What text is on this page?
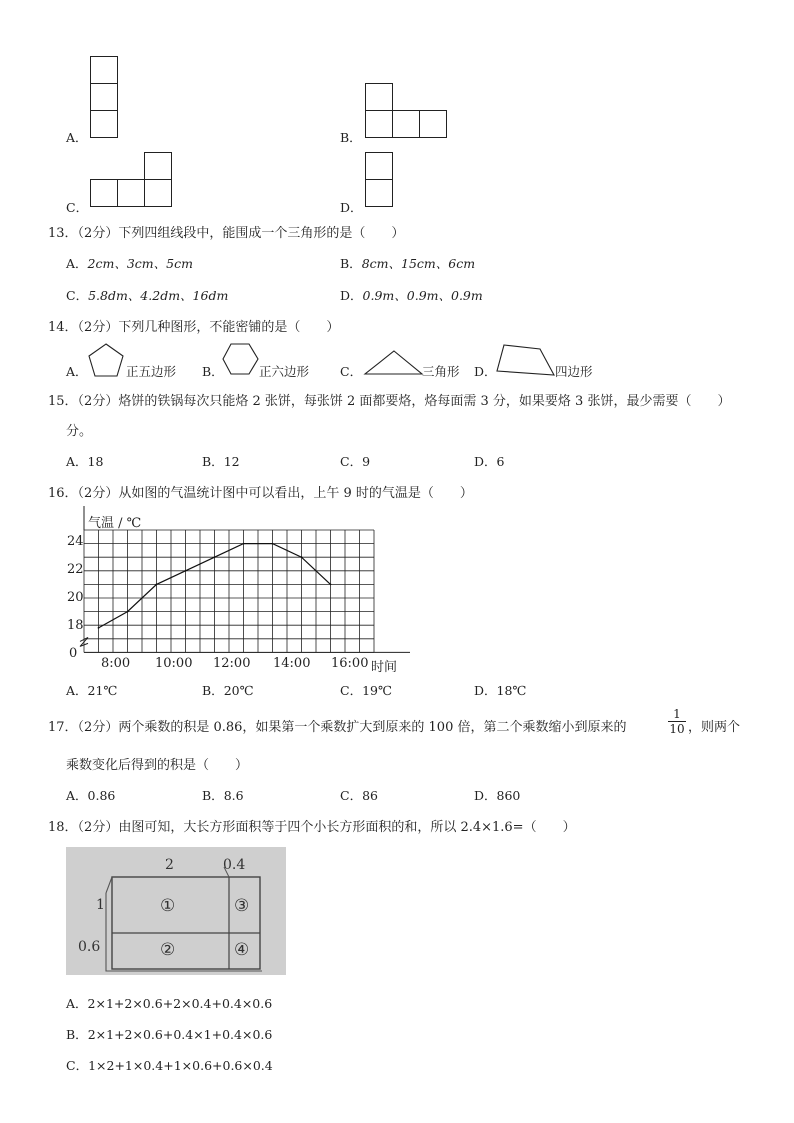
A．	B．
C．	D．
13．（2分）下列四组线段中，能围成一个三角形的是（　　）
A．2cm、3cm、5cm	B．8cm、15cm、6cm
C．5.8dm、4.2dm、16dm	D．0.9m、0.9m、0.9m
14．（2分）下列几种图形，不能密铺的是（　　）
A．	正五边形 B．	正六边形 C．	三角形 D．	四边形
15．（2分）烙饼的铁锅每次只能烙 2 张饼，每张饼 2 面都要烙，烙每面需 3 分，如果要烙 3 张饼，最少需要（　　）
分。
A．18	B．12	C．9	D．6
16．（2分）从如图的气温统计图中可以看出，上午 9 时的气温是（　　）
气温 / ℃
24
22
20
18
0
8:00 10:00 12:00 14:00 16:00 时间
A．21℃	B．20℃	C．19℃	D．18℃
17．（2分）两个乘数的积是 0.86，如果第一个乘数扩大到原来的 100 倍，第二个乘数缩小到原来的	$\frac{1}{10}$ ，则两个
乘数变化后得到的积是（　　）
A．0.86	B．8.6	C．86	D．860
18．（2分）由图可知，大长方形面积等于四个小长方形面积的和，所以 2.4×1.6=（　　）
2	0.4
1
0.6
①
②
③
④
A．2×1+2×0.6+2×0.4+0.4×0.6
B．2×1+2×0.6+0.4×1+0.4×0.6
C．1×2+1×0.4+1×0.6+0.6×0.4
